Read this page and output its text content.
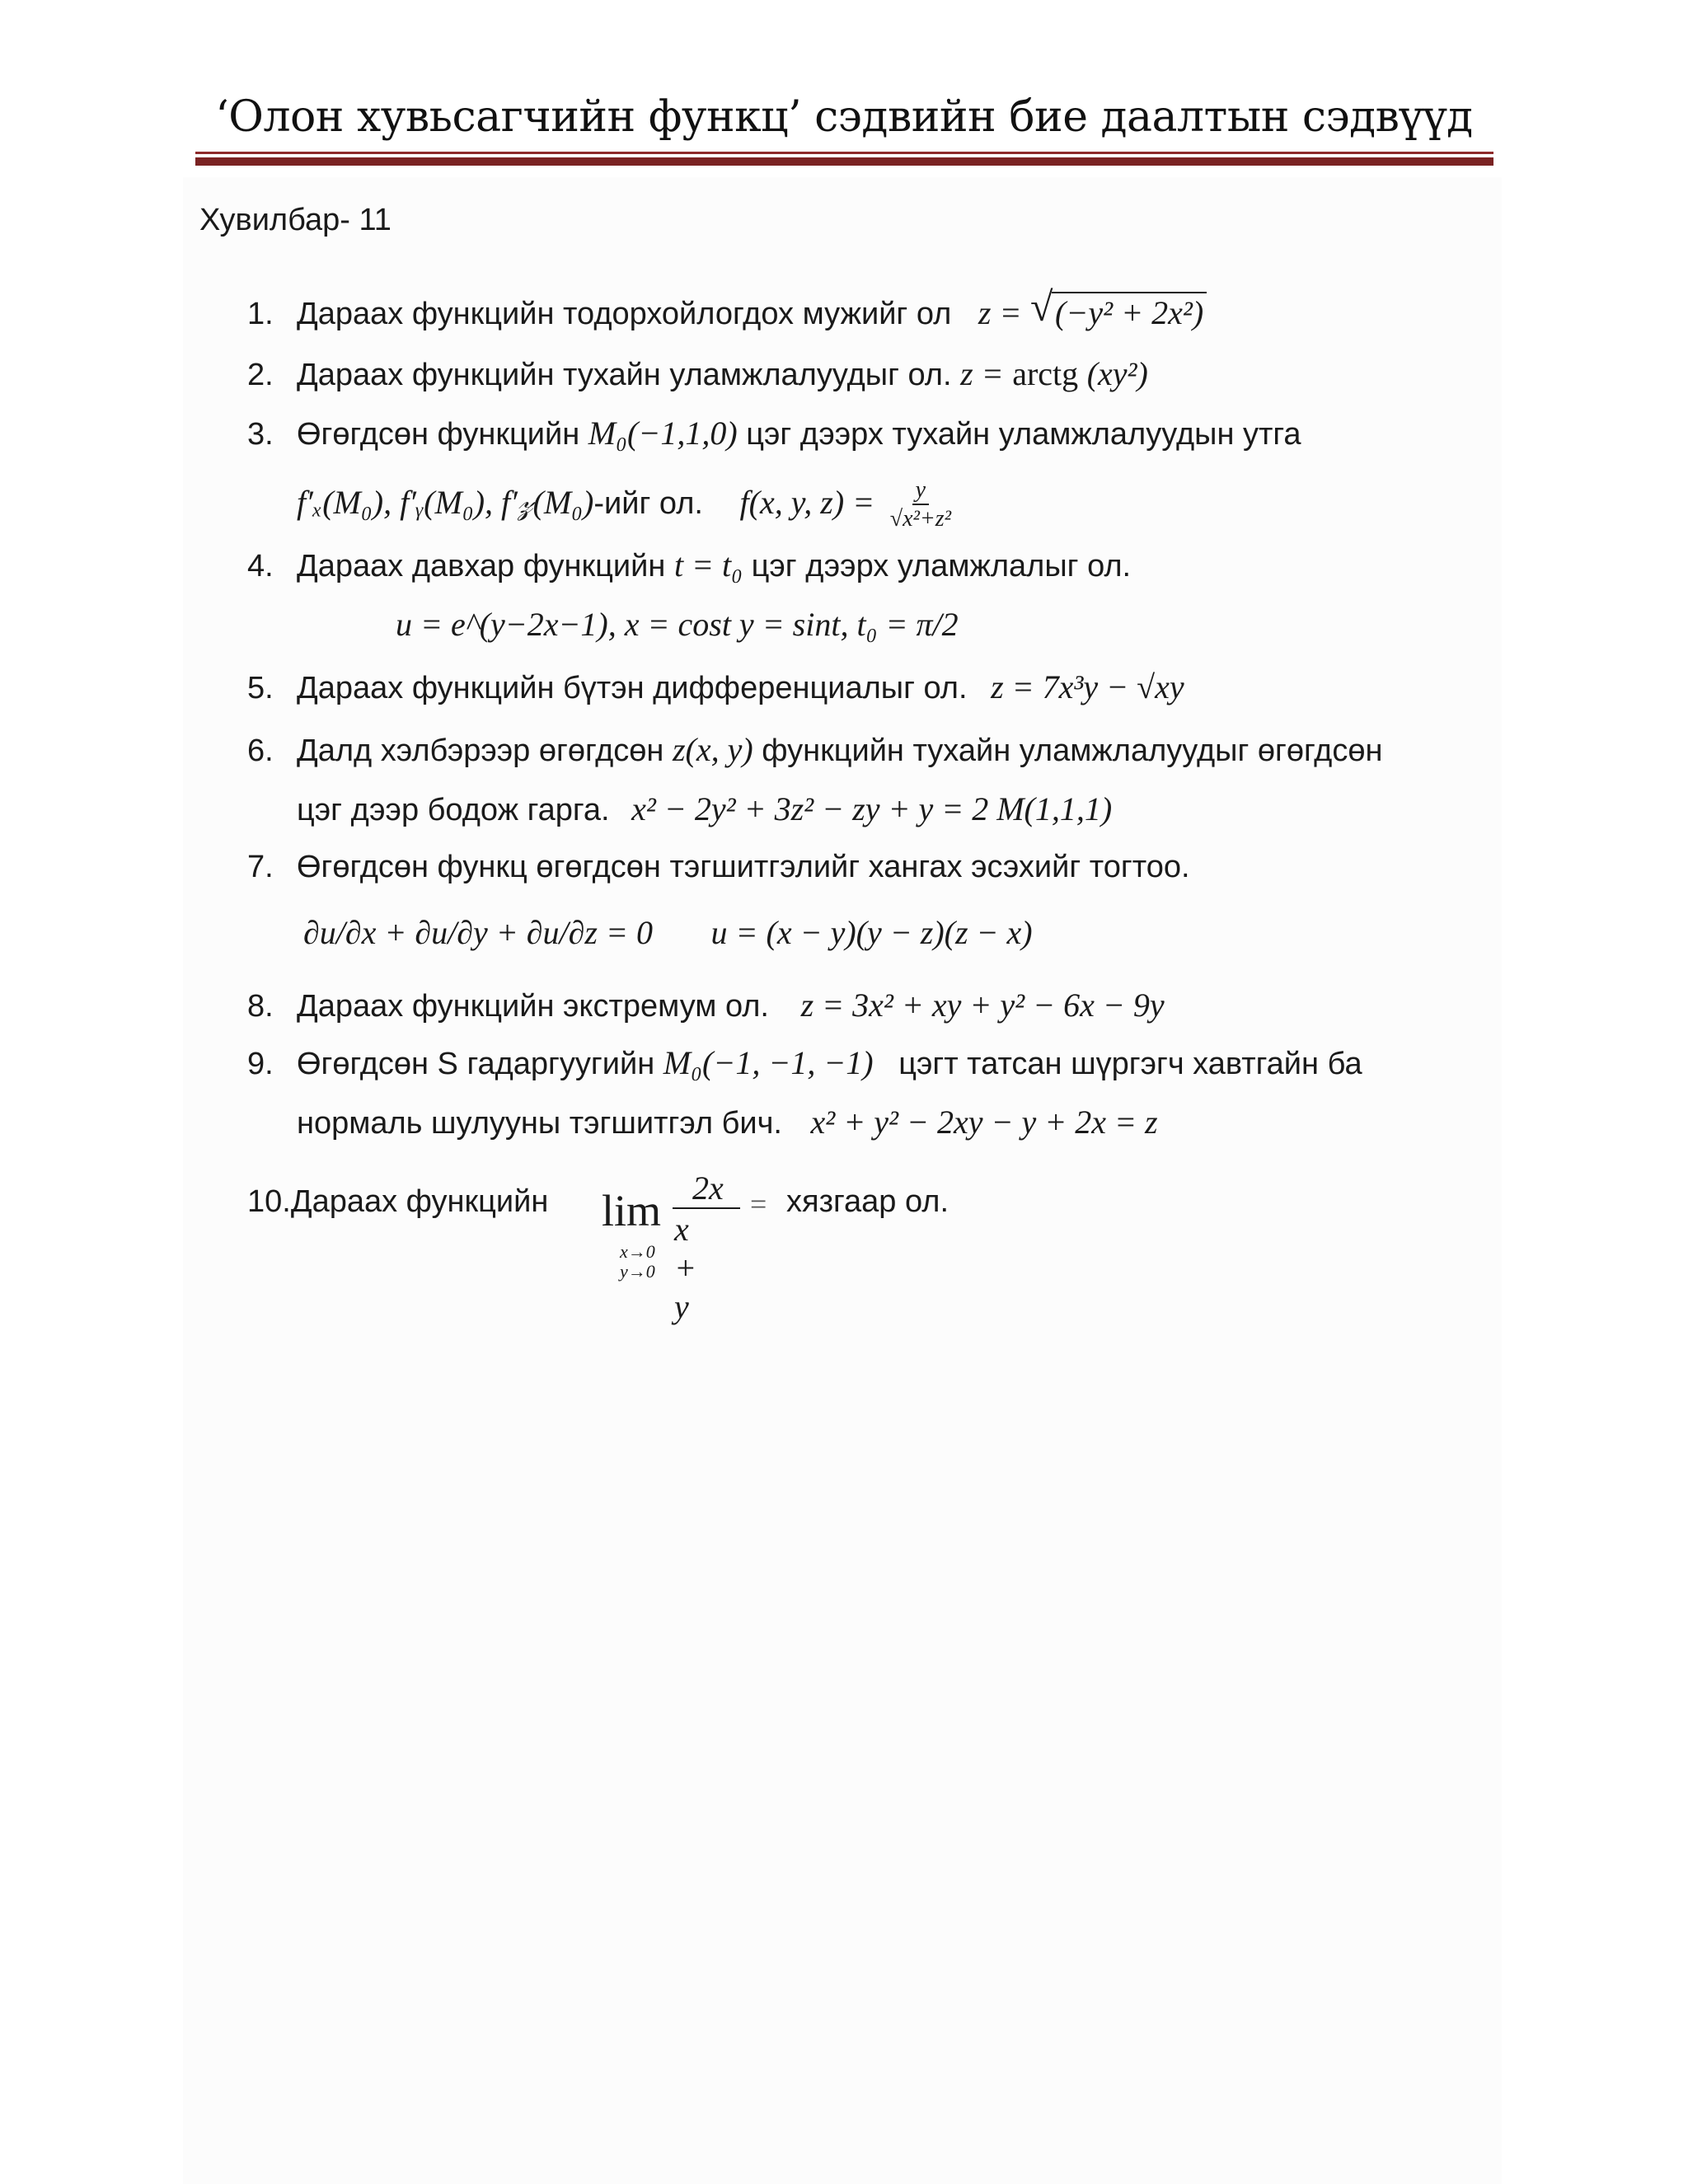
‘Олон хувьсагчийн функц’ сэдвийн бие даалтын сэдвүүд
Хувилбар- 11
1. Дараах функцийн тодорхойлогдох мужийг ол z = √ (−y² + 2x²)
2. Дараах функцийн тухайн уламжлалуудыг ол. z = arctg (xy²)
3. Өгөгдсөн функцийн M₀(−1,1,0) цэг дээрх тухайн уламжлалуудын утга
f′ₓ(M₀), f′ᵧ(M₀), f′𝓏(M₀)-ийг ол. f(x, y, $z) = \frac{y}{\text{√x²+z²}}$
4. Дараах давхар функцийн t = t₀ цэг дээрх уламжлалыг ол.
u = e^(y−2x−1), x = cost y = sint, t₀ = π/2
5. Дараах функцийн бүтэн дифференциалыг ол. z = 7x³y − √xy
6. Далд хэлбэрээр өгөгдсөн z(x, y) функцийн тухайн уламжлалуудыг өгөгдсөн
цэг дээр бодож гарга. x² − 2y² + 3z² − zy + y = 2 M(1,1,1)
7. Өгөгдсөн функц өгөгдсөн тэгшитгэлийг хангах эсэхийг тогтоо.
∂u/∂x + ∂u/∂y + ∂u/∂z = 0 u = (x − y)(y − z)(z − x)
8. Дараах функцийн экстремум ол. z = 3x² + xy + y² − 6x − 9y
9. Өгөгдсөн S гадаргуугийн M₀(−1, −1, −1) цэгт татсан шүргэгч хавтгайн ба
нормаль шулууны тэгшитгэл бич. x² + y² − 2xy − y + 2x = z
10.Дараах функцийн lim
x→0
y→0
2x
x + y
= хязгаар ол.
